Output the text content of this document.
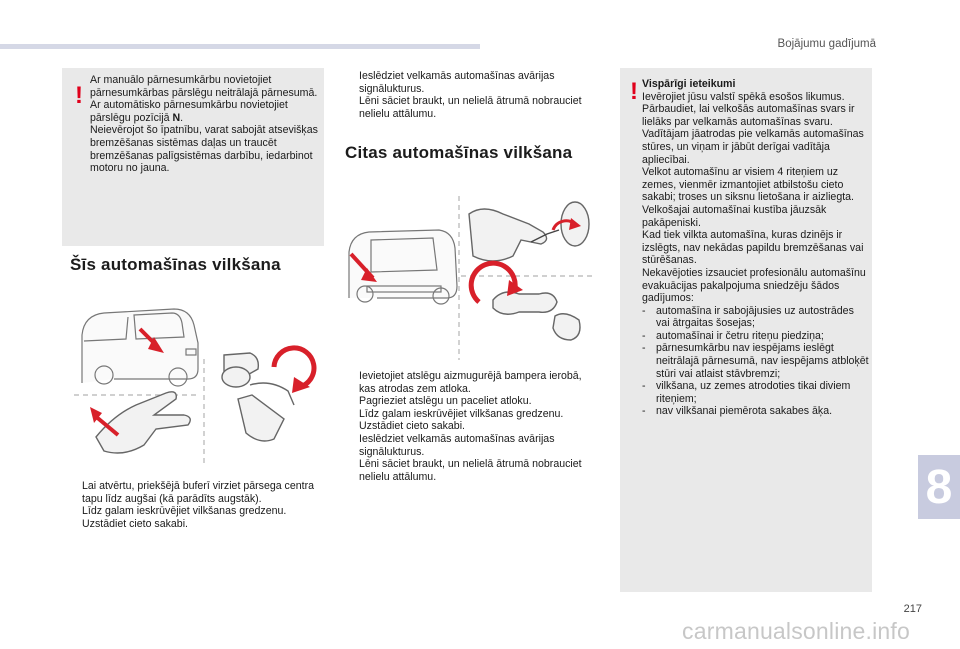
Bojājumu gadījumā
!

Ar manuālo pārnesumkārbu novietojiet pārnesumkārbas pārslēgu neitrālajā pārnesumā.

Ar automātisko pārnesumkārbu novietojiet pārslēgu pozīcijā N.

Neievērojot šo īpatnību, varat sabojāt atsevišķas bremzēšanas sistēmas daļas un traucēt bremzēšanas palīgsistēmas darbību, iedarbinot motoru no jauna.

Šīs automašīnas vilkšana
Lai atvērtu, priekšējā buferī virziet pārsega centra tapu līdz augšai (kā parādīts augstāk).
Līdz galam ieskrūvējiet vilkšanas gredzenu.
Uzstādiet cieto sakabi.
Ieslēdziet velkamās automašīnas avārijas signālukturus.
Lēni sāciet braukt, un nelielā ātrumā nobrauciet nelielu attālumu.
Citas automašīnas vilkšana
Ievietojiet atslēgu aizmugurējā bampera ierobā, kas atrodas zem atloka.
Pagrieziet atslēgu un paceliet atloku.
Līdz galam ieskrūvējiet vilkšanas gredzenu.
Uzstādiet cieto sakabi.
Ieslēdziet velkamās automašīnas avārijas signālukturus.
Lēni sāciet braukt, un nelielā ātrumā nobrauciet nelielu attālumu.
! Vispārīgi ieteikumi

Ievērojiet jūsu valstī spēkā esošos likumus.

Pārbaudiet, lai velkošās automašīnas svars ir lielāks par velkamās automašīnas svaru.

Vadītājam jāatrodas pie velkamās automašīnas stūres, un viņam ir jābūt derīgai vadītāja apliecībai.

Velkot automašīnu ar visiem 4 riteņiem uz zemes, vienmēr izmantojiet atbilstošu cieto sakabi; troses un siksnu lietošana ir aizliegta.

Velkošajai automašīnai kustība jāuzsāk pakāpeniski.

Kad tiek vilkta automašīna, kuras dzinējs ir izslēgts, nav nekādas papildu bremzēšanas vai stūrēšanas.

Nekavējoties izsauciet profesionālu automašīnu evakuācijas pakalpojuma sniedzēju šādos gadījumos:

- automašīna ir sabojājusies uz autostrādes vai ātrgaitas šosejas;
- automašīnai ir četru riteņu piedziņa;
- pārnesumkārbu nav iespējams ieslēgt neitrālajā pārnesumā, nav iespējams atbloķēt stūri vai atlaist stāvbremzi;
- vilkšana, uz zemes atrodoties tikai diviem riteņiem;
- nav vilkšanai piemērota sakabes āķa.
8
217
carmanualsonline.info
